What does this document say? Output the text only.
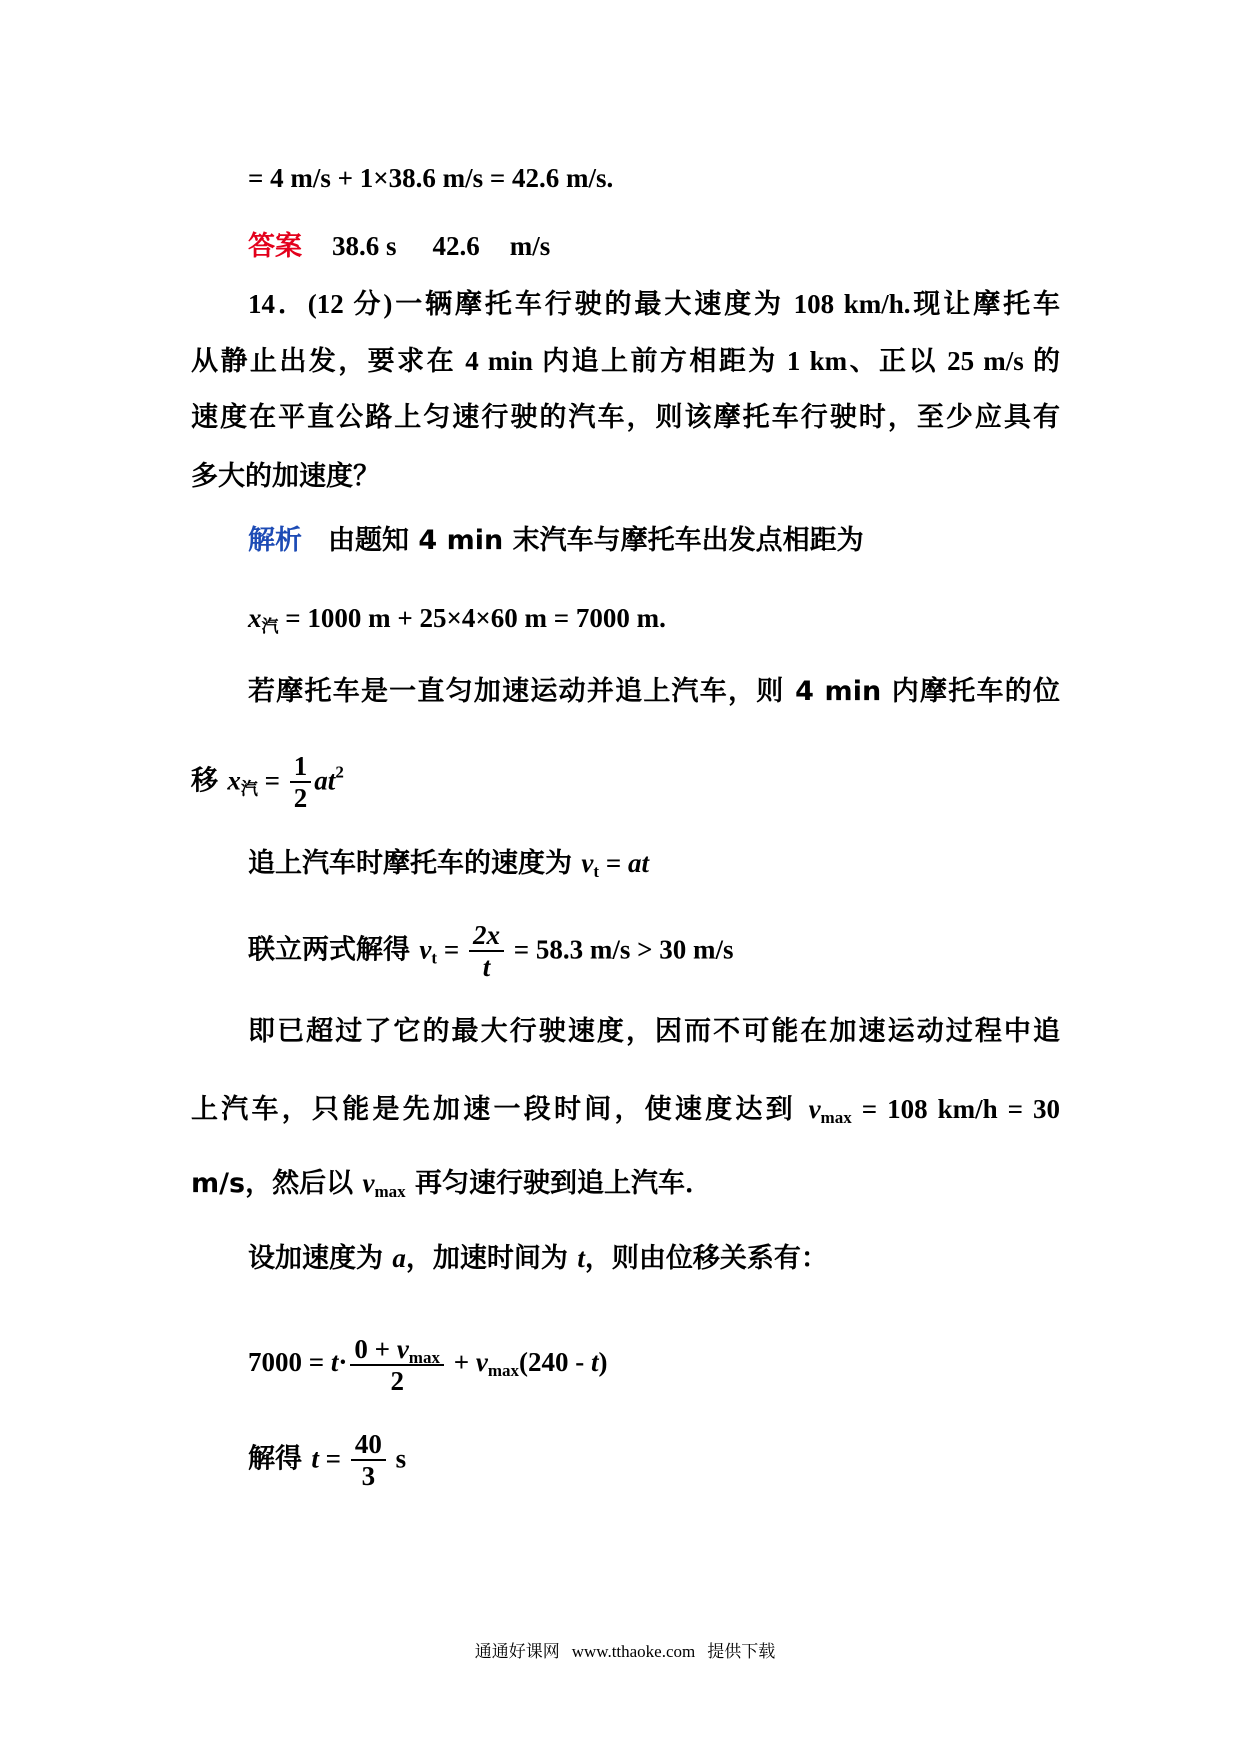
= 4 m/s + 1×38.6 m/s = 42.6 m/s.
答案 38.6 s 42.6 m/s
14．(12 分)一辆摩托车行驶的最大速度为 108 km/h.现让摩托车
从静止出发，要求在 4 min 内追上前方相距为 1 km、正以 25 m/s 的
速度在平直公路上匀速行驶的汽车，则该摩托车行驶时，至少应具有
多大的加速度？
解析 由题知 4 min 末汽车与摩托车出发点相距为
$x_汽 = 1000$ m + 25×4×60 m = 7000 m.
若摩托车是一直匀加速运动并追上汽车，则 4 min 内摩托车的位
移 $x_汽 = \frac{1}{2} at^2$
追上汽车时摩托车的速度为 $v_t$ = at
联立两式解得 $v_t = \frac{2x}{t} = 58.3$ m/s > 30 m/s
即已超过了它的最大行驶速度，因而不可能在加速运动过程中追
上汽车，只能是先加速一段时间，使速度达到 $v_{max} = 108$ km/h = 30
m/s，然后以 $v_{max}$ 再匀速行驶到追上汽车．
设加速度为 a，加速时间为 t，则由位移关系有：
$7000 = t\cdot \frac{0 + v_{max}}{2} + v_{max}(240 - t)$
解得 $t = \frac{40}{3}$ s
通通好课网 www.tthaoke.com 提供下载
